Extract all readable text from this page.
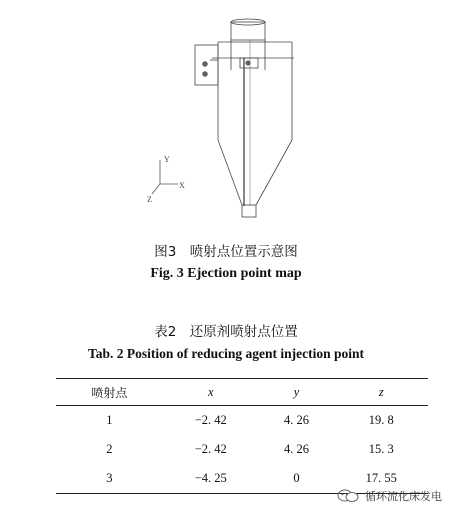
Y
X
Z
图3　喷射点位置示意图
Fig. 3 Ejection point map
表2　还原剂喷射点位置
Tab. 2 Position of reducing agent injection point
喷射点	x	y	z
1	−2. 42	4. 26	19. 8
2	−2. 42	4. 26	15. 3
3	−4. 25	0	17. 55
循环流化床发电
